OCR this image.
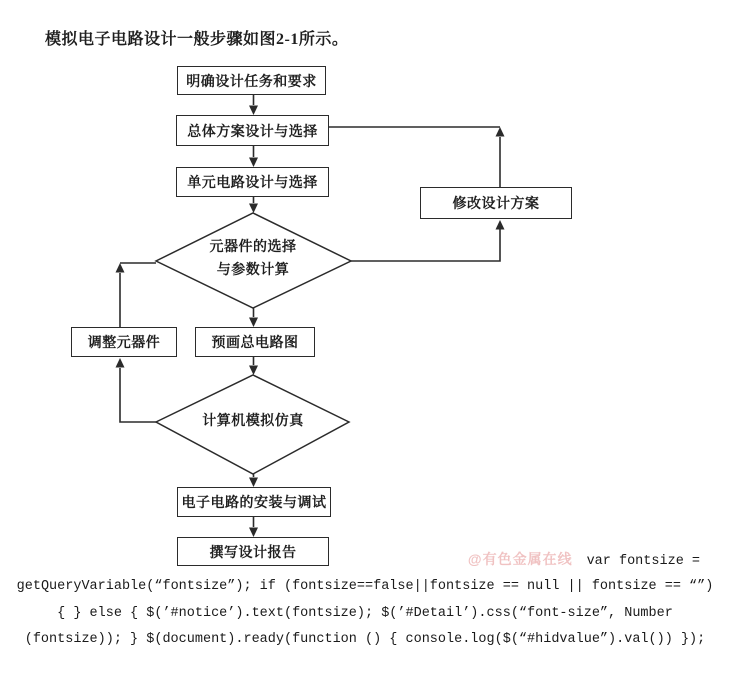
模拟电子电路设计一般步骤如图2-1所示。
明确设计任务和要求
总体方案设计与选择
单元电路设计与选择
修改设计方案
调整元器件	预画总电路图
电子电路的安装与调试
撰写设计报告
元器件的选择
与参数计算
计算机模拟仿真
@有色金属在线 var fontsize =
getQueryVariable(“fontsize”); if (fontsize==false||fontsize == null || fontsize == “”)
{ } else { $(’#notice’).text(fontsize); $(’#Detail’).css(“font-size”, Number
(fontsize)); } $(document).ready(function () { console.log($(“#hidvalue”).val()) });
